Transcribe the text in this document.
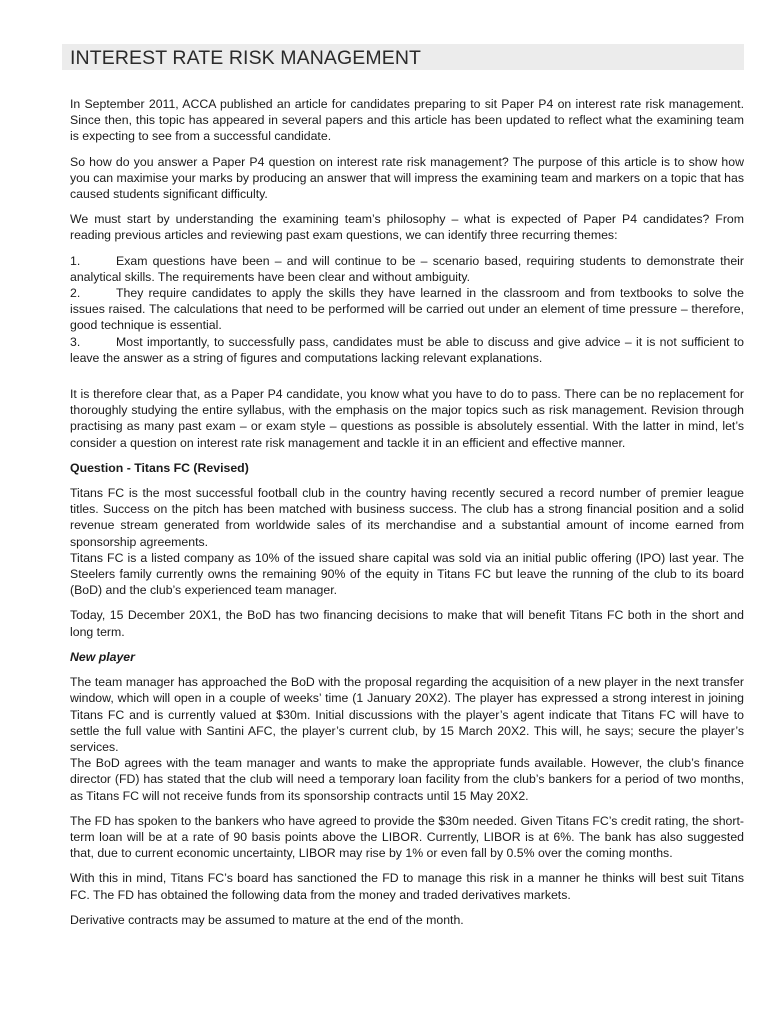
INTEREST RATE RISK MANAGEMENT

In September 2011, ACCA published an article for candidates preparing to sit Paper P4 on interest rate risk management. Since then, this topic has appeared in several papers and this article has been updated to reflect what the examining team is expecting to see from a successful candidate.

So how do you answer a Paper P4 question on interest rate risk management? The purpose of this article is to show how you can maximise your marks by producing an answer that will impress the examining team and markers on a topic that has caused students significant difficulty.

We must start by understanding the examining team’s philosophy – what is expected of Paper P4 candidates? From reading previous articles and reviewing past exam questions, we can identify three recurring themes:

1.	Exam questions have been – and will continue to be – scenario based, requiring students to demonstrate their analytical skills. The requirements have been clear and without ambiguity.
2.	They require candidates to apply the skills they have learned in the classroom and from textbooks to solve the issues raised. The calculations that need to be performed will be carried out under an element of time pressure – therefore, good technique is essential.
3.	Most importantly, to successfully pass, candidates must be able to discuss and give advice – it is not sufficient to leave the answer as a string of figures and computations lacking relevant explanations.

It is therefore clear that, as a Paper P4 candidate, you know what you have to do to pass. There can be no replacement for thoroughly studying the entire syllabus, with the emphasis on the major topics such as risk management. Revision through practising as many past exam – or exam style – questions as possible is absolutely essential. With the latter in mind, let’s consider a question on interest rate risk management and tackle it in an efficient and effective manner.

Question - Titans FC (Revised)

Titans FC is the most successful football club in the country having recently secured a record number of premier league titles. Success on the pitch has been matched with business success. The club has a strong financial position and a solid revenue stream generated from worldwide sales of its merchandise and a substantial amount of income earned from sponsorship agreements.

Titans FC is a listed company as 10% of the issued share capital was sold via an initial public offering (IPO) last year. The Steelers family currently owns the remaining 90% of the equity in Titans FC but leave the running of the club to its board (BoD) and the club’s experienced team manager.

Today, 15 December 20X1, the BoD has two financing decisions to make that will benefit Titans FC both in the short and long term.

New player

The team manager has approached the BoD with the proposal regarding the acquisition of a new player in the next transfer window, which will open in a couple of weeks’ time (1 January 20X2). The player has expressed a strong interest in joining Titans FC and is currently valued at $30m. Initial discussions with the player’s agent indicate that Titans FC will have to settle the full value with Santini AFC, the player’s current club, by 15 March 20X2. This will, he says; secure the player’s services.

The BoD agrees with the team manager and wants to make the appropriate funds available. However, the club’s finance director (FD) has stated that the club will need a temporary loan facility from the club’s bankers for a period of two months, as Titans FC will not receive funds from its sponsorship contracts until 15 May 20X2.

The FD has spoken to the bankers who have agreed to provide the $30m needed. Given Titans FC’s credit rating, the short-term loan will be at a rate of 90 basis points above the LIBOR. Currently, LIBOR is at 6%. The bank has also suggested that, due to current economic uncertainty, LIBOR may rise by 1% or even fall by 0.5% over the coming months.

With this in mind, Titans FC’s board has sanctioned the FD to manage this risk in a manner he thinks will best suit Titans FC. The FD has obtained the following data from the money and traded derivatives markets.

Derivative contracts may be assumed to mature at the end of the month.
